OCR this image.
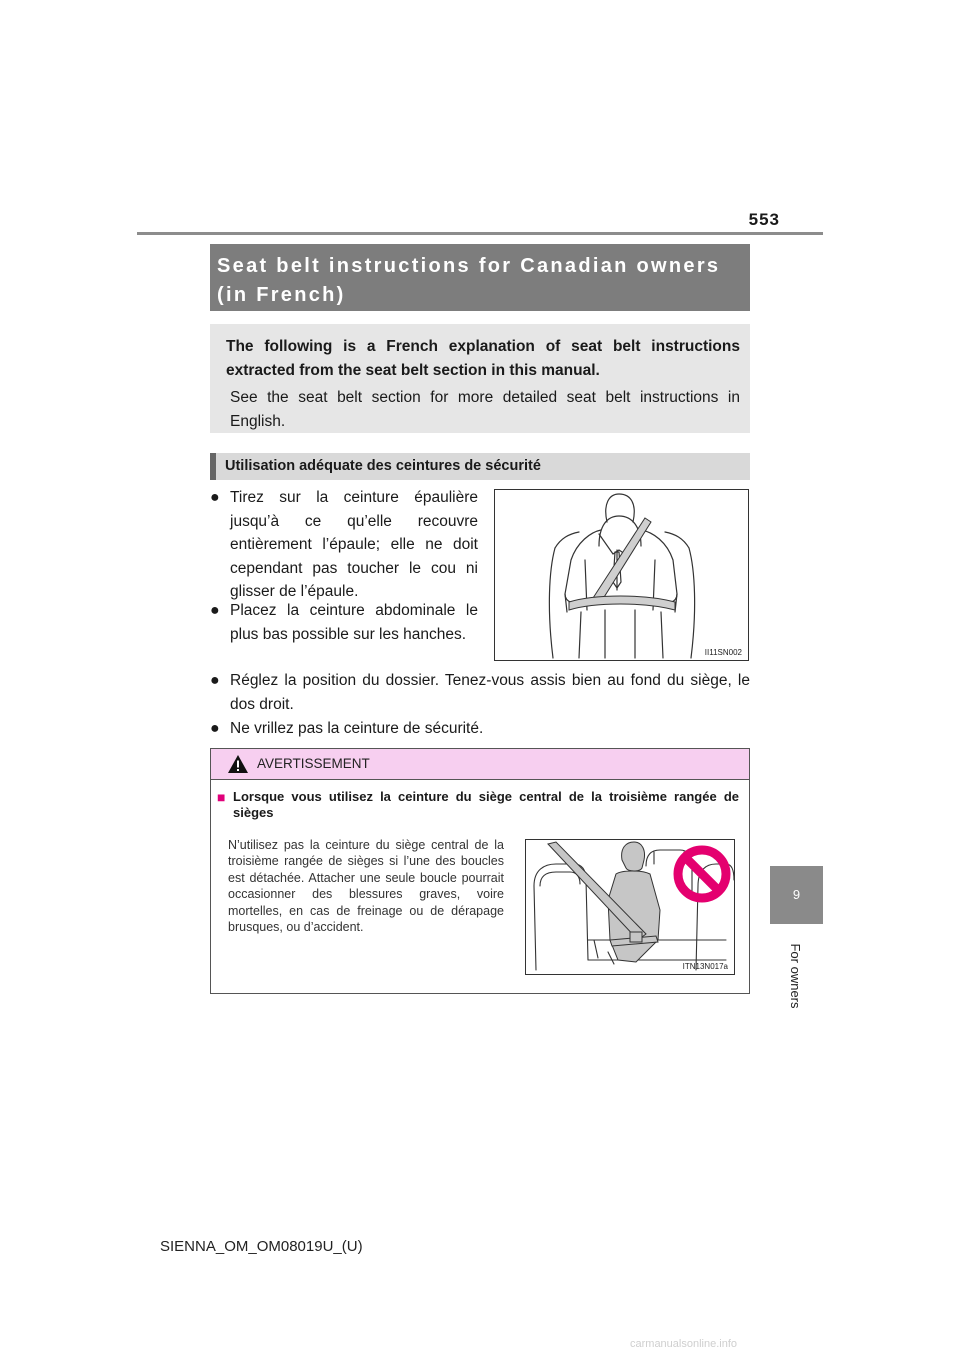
553
9
For owners
Seat belt instructions for Canadian owners
(in French)
The following is a French explanation of seat belt instructions extracted from the seat belt section in this manual.
See the seat belt section for more detailed seat belt instructions in English.
Utilisation adéquate des ceintures de sécurité
● Tirez sur la ceinture épaulière jusqu’à ce qu’elle recouvre entièrement l’épaule; elle ne doit cependant pas toucher le cou ni glisser de l’épaule.
● Placez la ceinture abdominale le plus bas possible sur les hanches.
● Réglez la position du dossier. Tenez-vous assis bien au fond du siège, le dos droit.
● Ne vrillez pas la ceinture de sécurité.
II11SN002
AVERTISSEMENT
■ Lorsque vous utilisez la ceinture du siège central de la troisième rangée de sièges
N’utilisez pas la ceinture du siège central de la troisième rangée de sièges si l’une des boucles est détachée. Attacher une seule boucle pourrait occasionner des blessures graves, voire mortelles, en cas de freinage ou de dérapage brusques, ou d’accident.
ITN13N017a
SIENNA_OM_OM08019U_(U)
carmanualsonline.info
